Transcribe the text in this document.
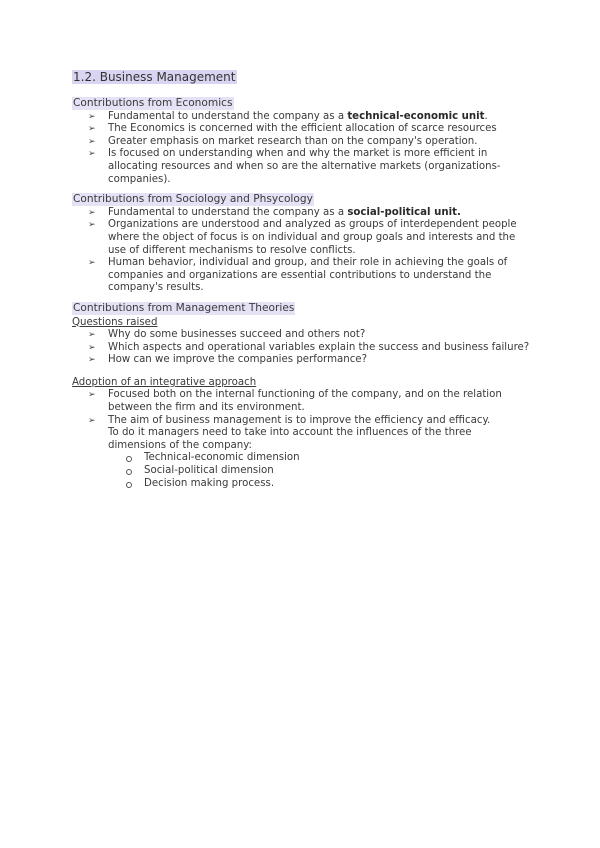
1.2. Business Management
Contributions from Economics
➢ Fundamental to understand the company as a technical-economic unit.
➢ The Economics is concerned with the efficient allocation of scarce resources
➢ Greater emphasis on market research than on the company's operation.
➢ Is focused on understanding when and why the market is more efficient in allocating resources and when so are the alternative markets (organizations-companies).
Contributions from Sociology and Phsycology
➢ Fundamental to understand the company as a social-political unit.
➢ Organizations are understood and analyzed as groups of interdependent people where the object of focus is on individual and group goals and interests and the use of different mechanisms to resolve conflicts.
➢ Human behavior, individual and group, and their role in achieving the goals of companies and organizations are essential contributions to understand the company's results.
Contributions from Management Theories
Questions raised
➢ Why do some businesses succeed and others not?
➢ Which aspects and operational variables explain the success and business failure?
➢ How can we improve the companies performance?
Adoption of an integrative approach
➢ Focused both on the internal functioning of the company, and on the relation between the firm and its environment.
➢ The aim of business management is to improve the efficiency and efficacy.
To do it managers need to take into account the influences of the three dimensions of the company:
Technical-economic dimension
Social-political dimension
Decision making process.
